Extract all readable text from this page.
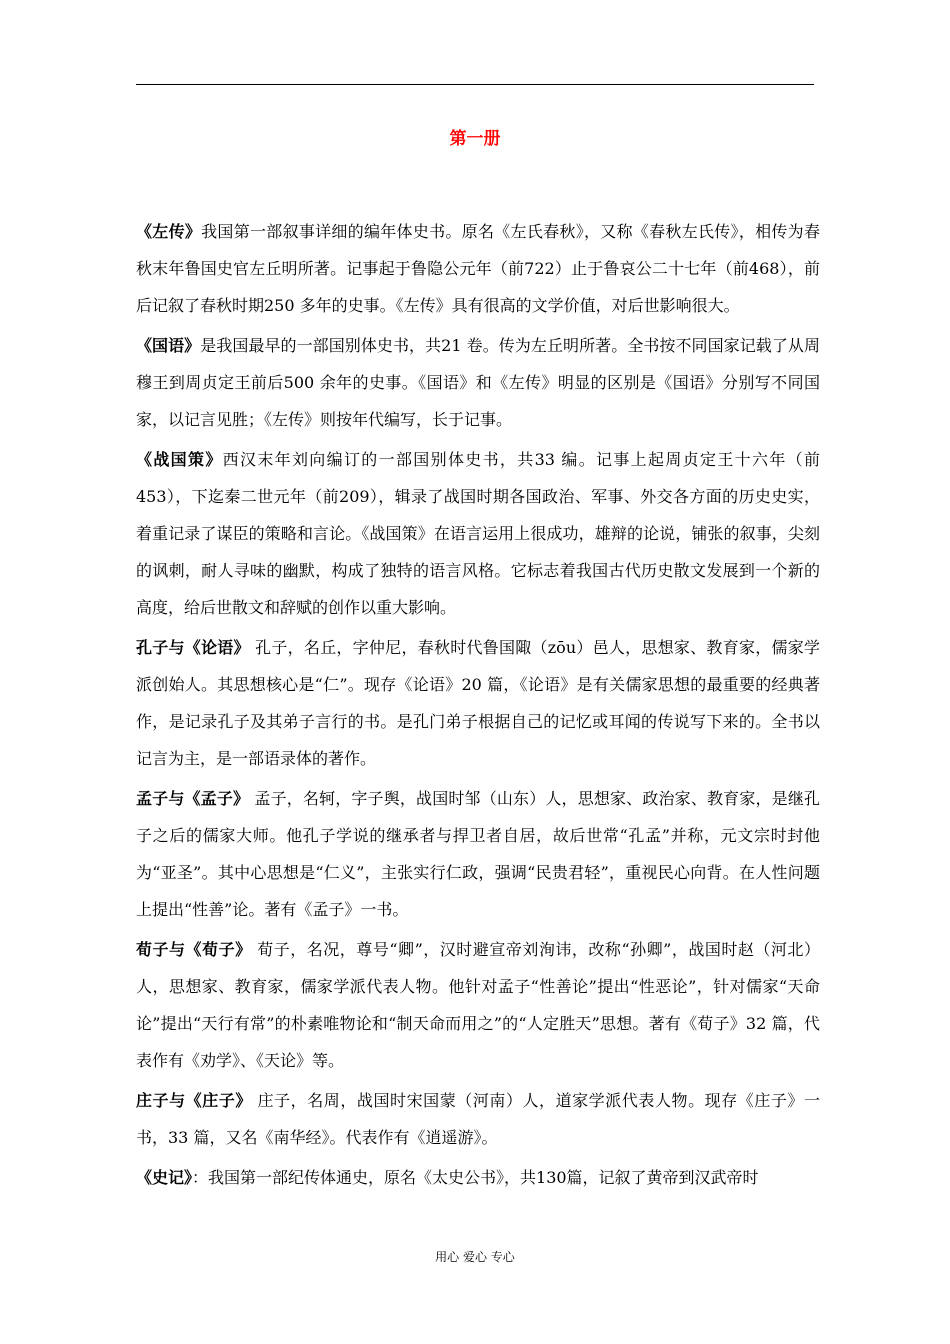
第一册

《左传》我国第一部叙事详细的编年体史书。原名《左氏春秋》，又称《春秋左氏传》，相传为春秋末年鲁国史官左丘明所著。记事起于鲁隐公元年（前722）止于鲁哀公二十七年（前468），前后记叙了春秋时期250 多年的史事。《左传》具有很高的文学价值，对后世影响很大。

《国语》是我国最早的一部国别体史书，共21 卷。传为左丘明所著。全书按不同国家记载了从周穆王到周贞定王前后500 余年的史事。《国语》和《左传》明显的区别是《国语》分别写不同国家，以记言见胜；《左传》则按年代编写，长于记事。

《战国策》西汉末年刘向编订的一部国别体史书，共33 编。记事上起周贞定王十六年（前453），下迄秦二世元年（前209），辑录了战国时期各国政治、军事、外交各方面的历史史实，着重记录了谋臣的策略和言论。《战国策》在语言运用上很成功，雄辩的论说，铺张的叙事，尖刻的讽刺，耐人寻味的幽默，构成了独特的语言风格。它标志着我国古代历史散文发展到一个新的高度，给后世散文和辞赋的创作以重大影响。

孔子与《论语》 孔子，名丘，字仲尼，春秋时代鲁国陬（zōu）邑人，思想家、教育家，儒家学派创始人。其思想核心是“仁”。现存《论语》20 篇，《论语》是有关儒家思想的最重要的经典著作，是记录孔子及其弟子言行的书。是孔门弟子根据自己的记忆或耳闻的传说写下来的。全书以记言为主，是一部语录体的著作。

孟子与《孟子》 孟子，名轲，字子舆，战国时邹（山东）人，思想家、政治家、教育家，是继孔子之后的儒家大师。他孔子学说的继承者与捍卫者自居，故后世常“孔孟”并称，元文宗时封他为“亚圣”。其中心思想是“仁义”，主张实行仁政，强调“民贵君轻”，重视民心向背。在人性问题上提出“性善”论。著有《孟子》一书。

荀子与《荀子》 荀子，名况，尊号“卿”，汉时避宣帝刘洵讳，改称“孙卿”，战国时赵（河北）人，思想家、教育家，儒家学派代表人物。他针对孟子“性善论”提出“性恶论”，针对儒家“天命论”提出“天行有常”的朴素唯物论和“制天命而用之”的“人定胜天”思想。著有《荀子》32 篇，代表作有《劝学》、《天论》等。

庄子与《庄子》 庄子，名周，战国时宋国蒙（河南）人，道家学派代表人物。现存《庄子》一书，33 篇，又名《南华经》。代表作有《逍遥游》。

《史记》：我国第一部纪传体通史，原名《太史公书》，共130篇，记叙了黄帝到汉武帝时

用心 爱心 专心
